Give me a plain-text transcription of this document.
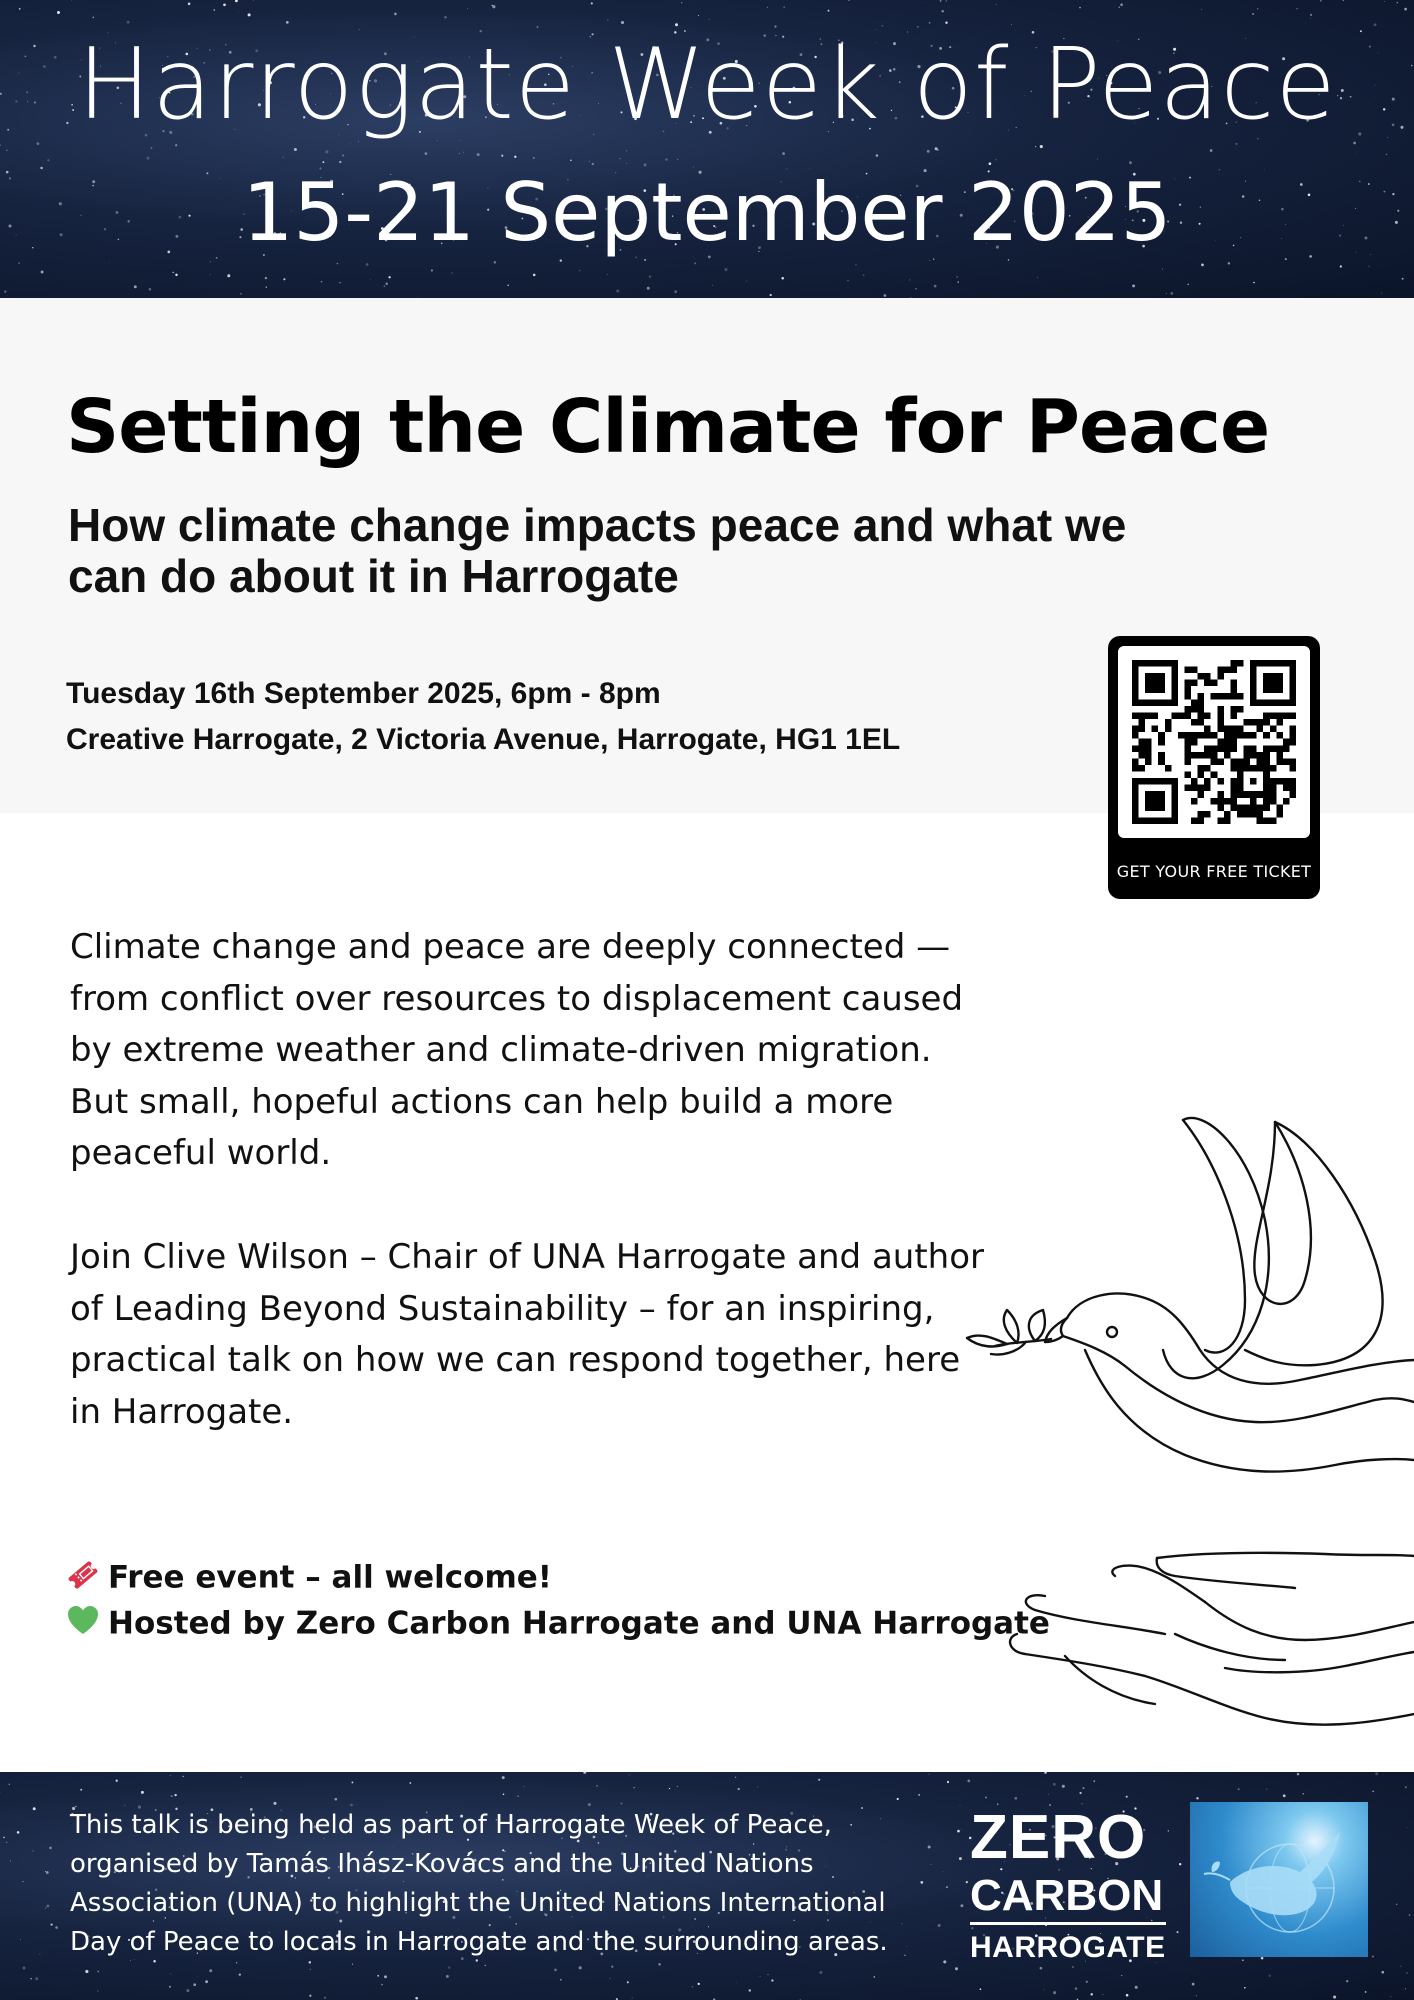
Harrogate Week of Peace
15-21 September 2025
Setting the Climate for Peace
How climate change impacts peace and what we can do about it in Harrogate
Tuesday 16th September 2025, 6pm - 8pm
Creative Harrogate, 2 Victoria Avenue, Harrogate, HG1 1EL
GET YOUR FREE TICKET

Climate change and peace are deeply connected — from conflict over resources to displacement caused by extreme weather and climate-driven migration. But small, hopeful actions can help build a more peaceful world.

Join Clive Wilson – Chair of UNA Harrogate and author of Leading Beyond Sustainability – for an inspiring, practical talk on how we can respond together, here in Harrogate.

Free event – all welcome!
Hosted by Zero Carbon Harrogate and UNA Harrogate

This talk is being held as part of Harrogate Week of Peace, organised by Tamás Ihász-Kovács and the United Nations Association (UNA) to highlight the United Nations International Day of Peace to locals in Harrogate and the surrounding areas.

ZERO
CARBON
HARROGATE
